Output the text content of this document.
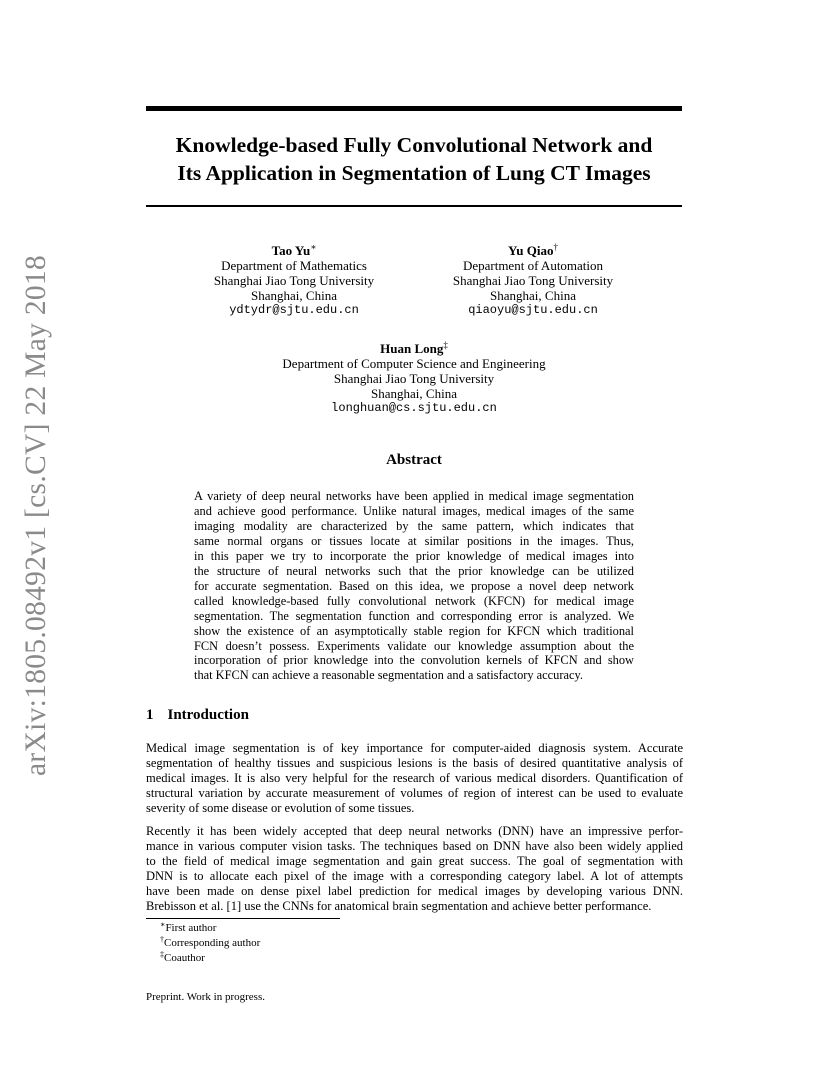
arXiv:1805.08492v1 [cs.CV] 22 May 2018
Knowledge-based Fully Convolutional Network and
Its Application in Segmentation of Lung CT Images
Tao Yu∗
Department of Mathematics
Shanghai Jiao Tong University
Shanghai, China
ydtydr@sjtu.edu.cn
Yu Qiao†
Department of Automation
Shanghai Jiao Tong University
Shanghai, China
qiaoyu@sjtu.edu.cn
Huan Long‡
Department of Computer Science and Engineering
Shanghai Jiao Tong University
Shanghai, China
longhuan@cs.sjtu.edu.cn
Abstract
A variety of deep neural networks have been applied in medical image segmentation
and achieve good performance. Unlike natural images, medical images of the same
imaging modality are characterized by the same pattern, which indicates that
same normal organs or tissues locate at similar positions in the images. Thus,
in this paper we try to incorporate the prior knowledge of medical images into
the structure of neural networks such that the prior knowledge can be utilized
for accurate segmentation. Based on this idea, we propose a novel deep network
called knowledge-based fully convolutional network (KFCN) for medical image
segmentation. The segmentation function and corresponding error is analyzed. We
show the existence of an asymptotically stable region for KFCN which traditional
FCN doesn’t possess. Experiments validate our knowledge assumption about the
incorporation of prior knowledge into the convolution kernels of KFCN and show
that KFCN can achieve a reasonable segmentation and a satisfactory accuracy.
1 Introduction
Medical image segmentation is of key importance for computer-aided diagnosis system. Accurate
segmentation of healthy tissues and suspicious lesions is the basis of desired quantitative analysis of
medical images. It is also very helpful for the research of various medical disorders. Quantification of
structural variation by accurate measurement of volumes of region of interest can be used to evaluate
severity of some disease or evolution of some tissues.
Recently it has been widely accepted that deep neural networks (DNN) have an impressive perfor-
mance in various computer vision tasks. The techniques based on DNN have also been widely applied
to the field of medical image segmentation and gain great success. The goal of segmentation with
DNN is to allocate each pixel of the image with a corresponding category label. A lot of attempts
have been made on dense pixel label prediction for medical images by developing various DNN.
Brebisson et al. [1] use the CNNs for anatomical brain segmentation and achieve better performance.
∗First author
†Corresponding author
‡Coauthor
Preprint. Work in progress.
